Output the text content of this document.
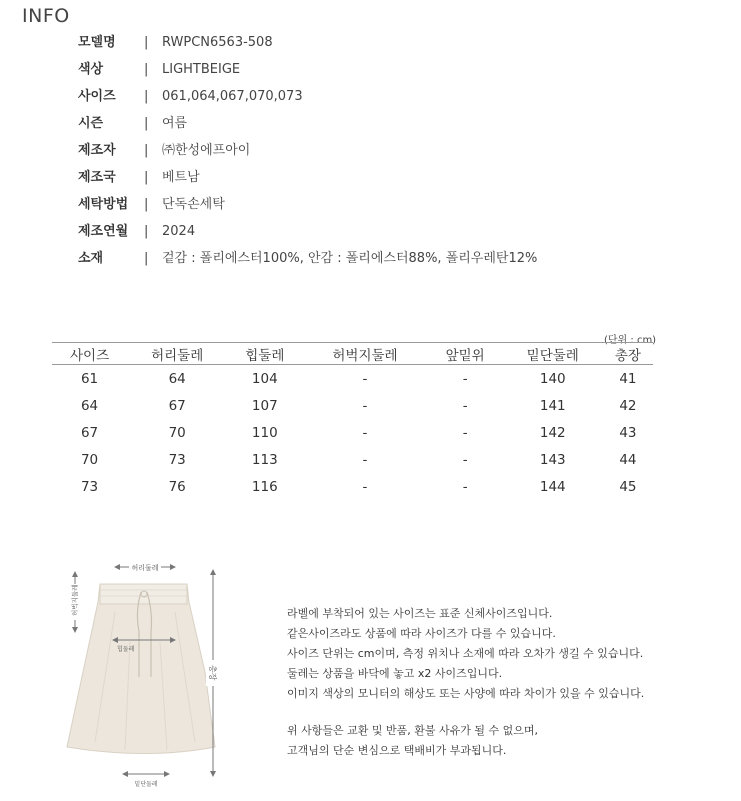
INFO
모델명	| RWPCN6563-508
색상	| LIGHTBEIGE
사이즈	| 061,064,067,070,073
시즌	| 여름
제조자	| ㈜한성에프아이
제조국	| 베트남
세탁방법	| 단독손세탁
제조연월	| 2024
소재	| 겉감 : 폴리에스터100%, 안감 : 폴리에스터88%, 폴리우레탄12%
(단위 : cm)
사이즈	허리둘레	힙둘레	허벅지둘레	앞밑위	밑단둘레	총장
61	64	104	-	-	140	41
64	67	107	-	-	141	42
67	70	110	-	-	142	43
70	73	113	-	-	143	44
73	76	116	-	-	144	45
허리둘레
힙둘레
허벅지둘레
총장
밑단둘레
라벨에 부착되어 있는 사이즈는 표준 신체사이즈입니다.
같은사이즈라도 상품에 따라 사이즈가 다를 수 있습니다.
사이즈 단위는 cm이며, 측정 위치나 소재에 따라 오차가 생길 수 있습니다.
둘레는 상품을 바닥에 놓고 x2 사이즈입니다.
이미지 색상의 모니터의 해상도 또는 사양에 따라 차이가 있을 수 있습니다.
위 사항들은 교환 및 반품, 환불 사유가 될 수 없으며,
고객님의 단순 변심으로 택배비가 부과됩니다.
